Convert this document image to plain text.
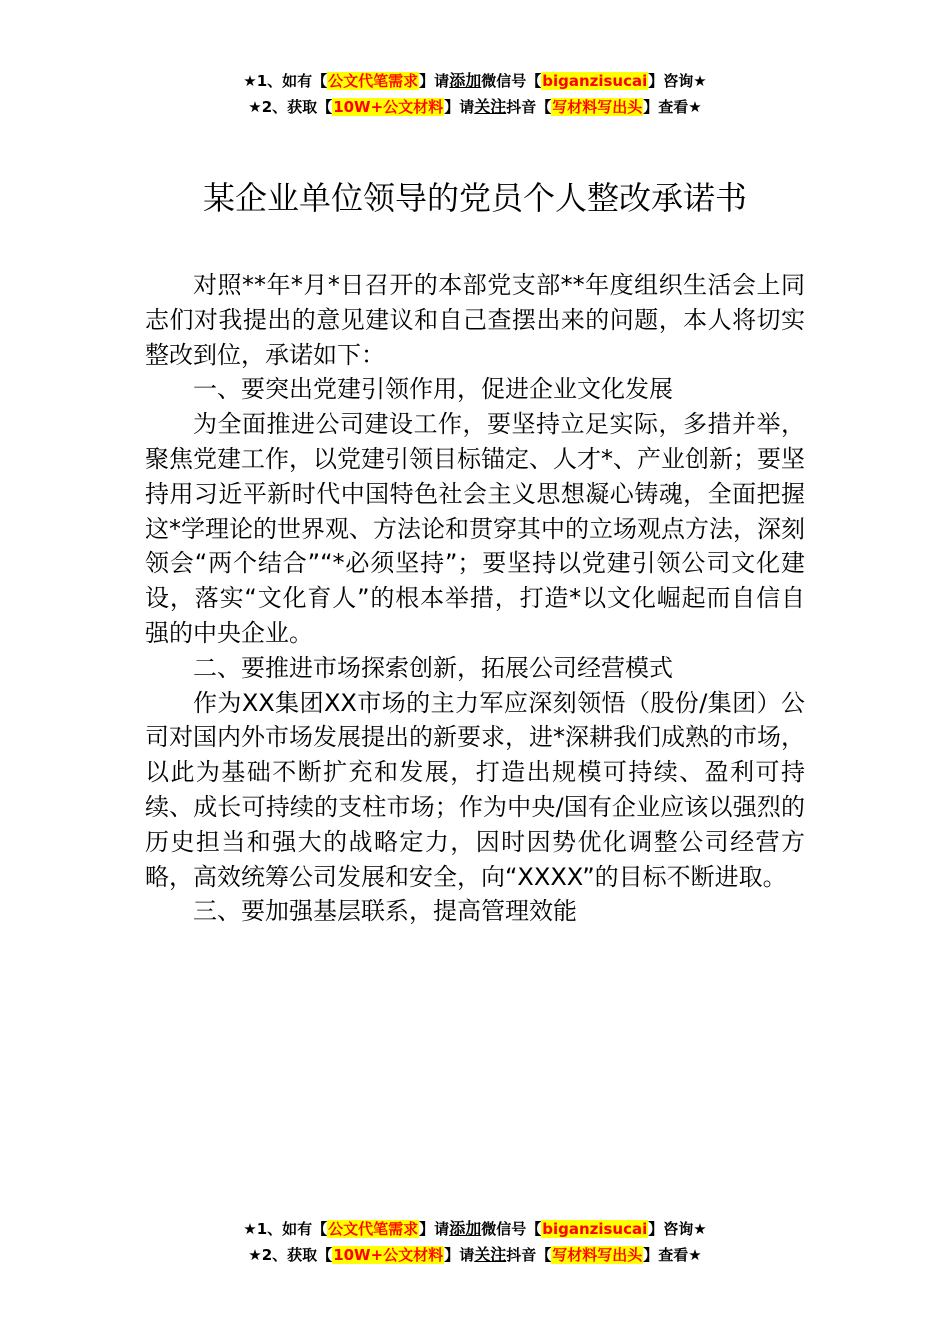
★1、如有【公文代笔需求】请添加微信号【biganzisucai】咨询★
★2、获取【10W+公文材料】请关注抖音【写材料写出头】查看★
某企业单位领导的党员个人整改承诺书

对照**年*月*日召开的本部党支部**年度组织生活会上同志们对我提出的意见建议和自己查摆出来的问题，本人将切实整改到位，承诺如下：

一、要突出党建引领作用，促进企业文化发展

为全面推进公司建设工作，要坚持立足实际，多措并举，聚焦党建工作，以党建引领目标锚定、人才*、产业创新；要坚持用习近平新时代中国特色社会主义思想凝心铸魂，全面把握这*学理论的世界观、方法论和贯穿其中的立场观点方法，深刻领会“两个结合”“*必须坚持”；要坚持以党建引领公司文化建设，落实“文化育人”的根本举措，打造*以文化崛起而自信自强的中央企业。

二、要推进市场探索创新，拓展公司经营模式

作为XX集团XX市场的主力军应深刻领悟（股份/集团）公司对国内外市场发展提出的新要求，进*深耕我们成熟的市场，以此为基础不断扩充和发展，打造出规模可持续、盈利可持续、成长可持续的支柱市场；作为中央/国有企业应该以强烈的历史担当和强大的战略定力，因时因势优化调整公司经营方略，高效统筹公司发展和安全，向“XXXX”的目标不断进取。

三、要加强基层联系，提高管理效能

★1、如有【公文代笔需求】请添加微信号【biganzisucai】咨询★
★2、获取【10W+公文材料】请关注抖音【写材料写出头】查看★
